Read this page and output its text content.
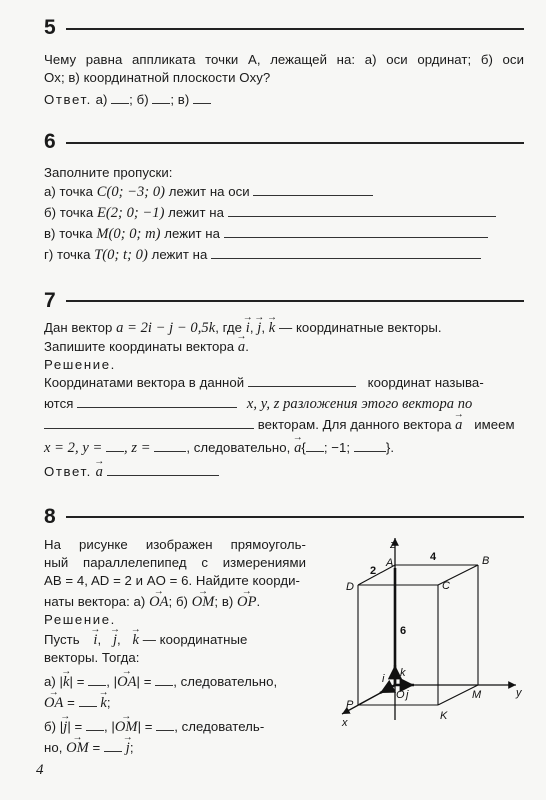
5
Чему равна аппликата точки A, лежащей на: а) оси ординат; б) оси
Ox; в) координатной плоскости Oxy?
Ответ. а) ; б) ; в)
6
Заполните пропуски:
а) точка C(0; −3; 0) лежит на оси
б) точка E(2; 0; −1) лежит на
в) точка M(0; 0; m) лежит на
г) точка T(0; t; 0) лежит на
7
Дан вектор a = 2i − j − 0,5k, где → i, → j, → k — координатные векторы.
Запишите координаты вектора → a.
Решение.
Координатами вектора в данной	координат называ-
ются	x, y, z разложения этого вектора по
векторам. Для данного вектора → a имеем
x = 2, y = , z =	, следовательно, → a{ ; −1;	}.
Ответ. → a
8
На рисунке изображен прямоуголь-
ный параллелепипед с измерениями
AB = 4, AD = 2 и AO = 6. Найдите коорди-
наты вектора: а) → OA; б) → OM; в) → OP.
Решение.
Пусть → i, → j, → k — координатные
векторы. Тогда:
а) |→ k| = , |→ OA| = , следовательно,
→ OA =  → k;
б) |→ j| = , |→ OM| = , следователь-
но, → OM =  → j;
z
A	B
C
D
P
O	M
K
y
x
k
j
i
2
4
6
4
